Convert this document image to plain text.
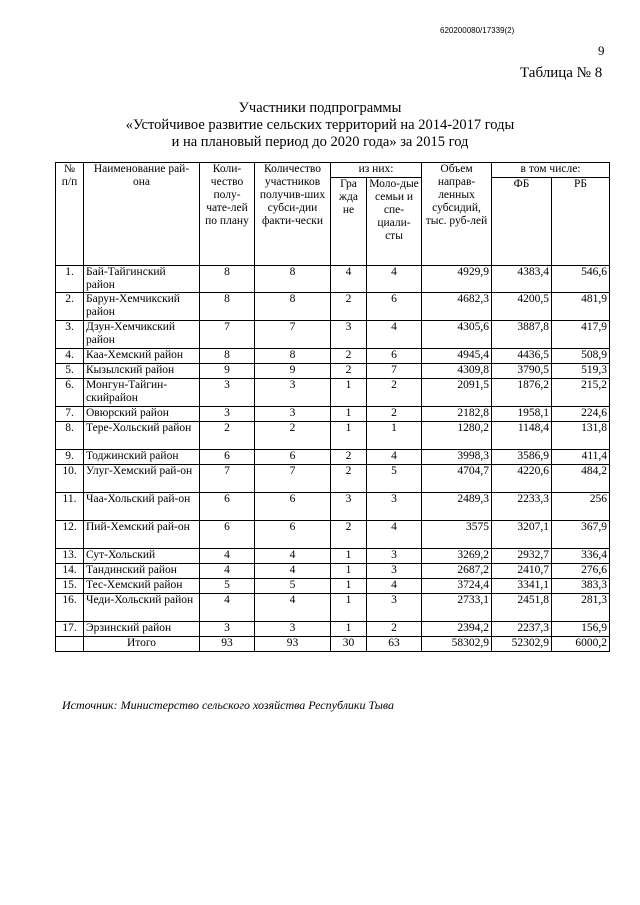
620200080/17339(2)
9
Таблица № 8
Участники подпрограммы
«Устойчивое развитие сельских территорий на 2014-2017 годы
и на плановый период до 2020 года» за 2015 год
№ п/п	Наименование рай-она	Коли-чество полу-чате-лей по плану	Количество участников получив-ших субси-дии факти-чески	из них:		Объем направ-ленных субсидий, тыс. руб-лей	в том числе:	
				Гра жда не	Моло-дые семьи и спе-циали-сты		ФБ	РБ
1.	Бай-Тайгинский район	8	8	4	4	4929,9	4383,4	546,6
2.	Барун-Хемчикский район	8	8	2	6	4682,3	4200,5	481,9
3.	Дзун-Хемчикский район	7	7	3	4	4305,6	3887,8	417,9
4.	Каа-Хемский район	8	8	2	6	4945,4	4436,5	508,9
5.	Кызылский район	9	9	2	7	4309,8	3790,5	519,3
6.	Монгун-Тайгин-скийрайон	3	3	1	2	2091,5	1876,2	215,2
7.	Овюрский район	3	3	1	2	2182,8	1958,1	224,6
8.	Тере-Хольский район	2	2	1	1	1280,2	1148,4	131,8
9.	Тоджинский район	6	6	2	4	3998,3	3586,9	411,4
10.	Улуг-Хемский рай-он	7	7	2	5	4704,7	4220,6	484,2
11.	Чаа-Хольский рай-он	6	6	3	3	2489,3	2233,3	256
12.	Пий-Хемский рай-он	6	6	2	4	3575	3207,1	367,9
13.	Сут-Хольский	4	4	1	3	3269,2	2932,7	336,4
14.	Тандинский район	4	4	1	3	2687,2	2410,7	276,6
15.	Тес-Хемский район	5	5	1	4	3724,4	3341,1	383,3
16.	Чеди-Хольский район	4	4	1	3	2733,1	2451,8	281,3
17.	Эрзинский район	3	3	1	2	2394,2	2237,3	156,9
	Итого	93	93	30	63	58302,9	52302,9	6000,2
Источник: Министерство сельского хозяйства Республики Тыва
